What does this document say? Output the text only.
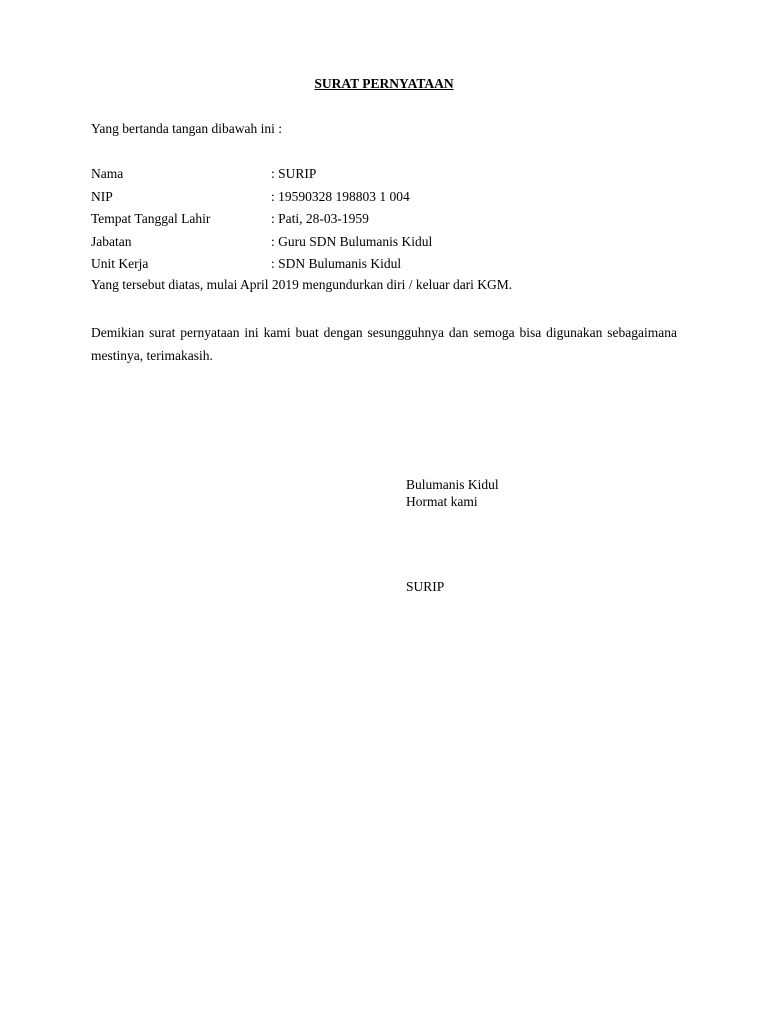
SURAT PERNYATAAN
Yang bertanda tangan dibawah ini :
Nama	: SURIP
NIP	: 19590328 198803 1 004
Tempat Tanggal Lahir	: Pati, 28-03-1959
Jabatan	: Guru SDN Bulumanis Kidul
Unit Kerja	: SDN Bulumanis Kidul
Yang tersebut diatas, mulai April 2019 mengundurkan diri / keluar dari KGM.
Demikian surat pernyataan ini kami buat dengan sesungguhnya dan semoga bisa digunakan sebagaimana mestinya, terimakasih.
Bulumanis Kidul
Hormat kami
SURIP
